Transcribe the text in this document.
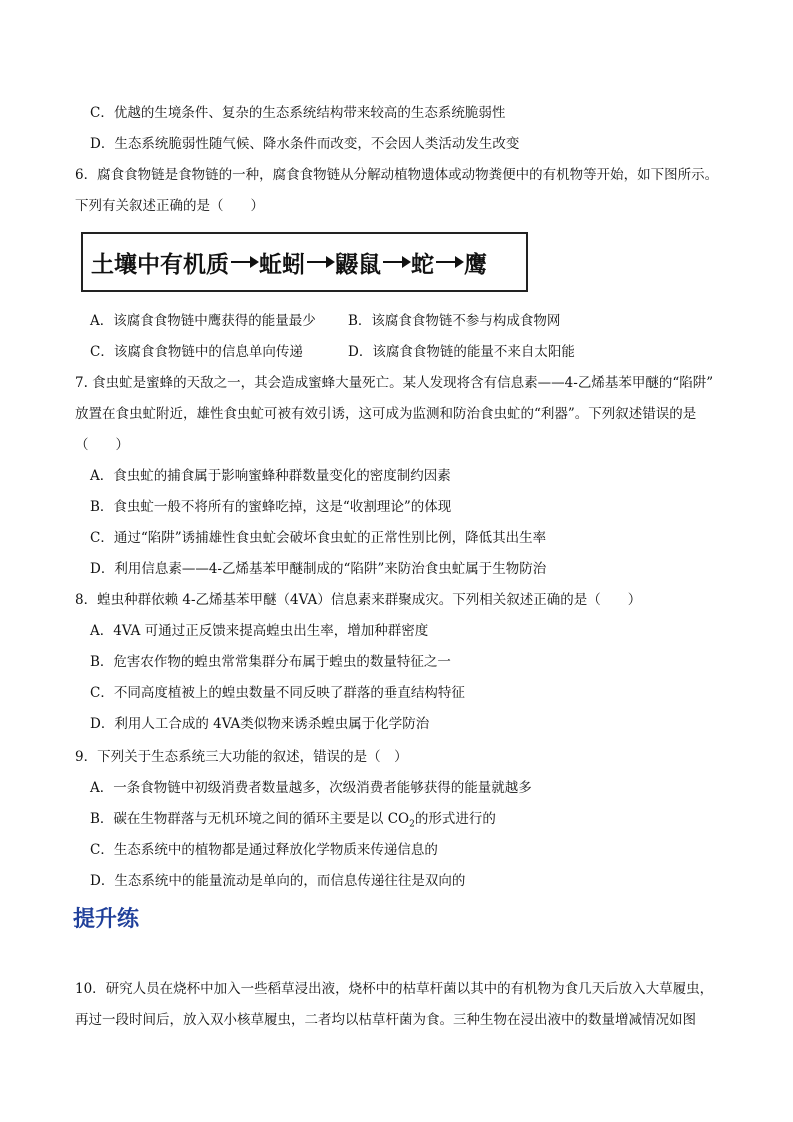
C．优越的生境条件、复杂的生态系统结构带来较高的生态系统脆弱性
D．生态系统脆弱性随气候、降水条件而改变，不会因人类活动发生改变
6．腐食食物链是食物链的一种，腐食食物链从分解动植物遗体或动物粪便中的有机物等开始，如下图所示。
下列有关叙述正确的是（　　）
土壤中有机质 蚯蚓 鼹鼠 蛇 鹰
A．该腐食食物链中鹰获得的能量最少 B．该腐食食物链不参与构成食物网
C．该腐食食物链中的信息单向传递	D．该腐食食物链的能量不来自太阳能
7. 食虫虻是蜜蜂的天敌之一，其会造成蜜蜂大量死亡。某人发现将含有信息素——4-乙烯基苯甲醚的“陷阱”
放置在食虫虻附近，雄性食虫虻可被有效引诱，这可成为监测和防治食虫虻的“利器”。下列叙述错误的是
（　　）
A．食虫虻的捕食属于影响蜜蜂种群数量变化的密度制约因素
B．食虫虻一般不将所有的蜜蜂吃掉，这是“收割理论”的体现
C．通过“陷阱”诱捕雄性食虫虻会破坏食虫虻的正常性别比例，降低其出生率
D．利用信息素——4-乙烯基苯甲醚制成的“陷阱”来防治食虫虻属于生物防治
8．蝗虫种群依赖 4-乙烯基苯甲醚（4VA）信息素来群聚成灾。下列相关叙述正确的是（　　）
A．4VA 可通过正反馈来提高蝗虫出生率，增加种群密度
B．危害农作物的蝗虫常常集群分布属于蝗虫的数量特征之一
C．不同高度植被上的蝗虫数量不同反映了群落的垂直结构特征
D．利用人工合成的 4VA类似物来诱杀蝗虫属于化学防治
9．下列关于生态系统三大功能的叙述，错误的是（　）
A．一条食物链中初级消费者数量越多，次级消费者能够获得的能量就越多
B．碳在生物群落与无机环境之间的循环主要是以 $CO_2$的形式进行的
C．生态系统中的植物都是通过释放化学物质来传递信息的
D．生态系统中的能量流动是单向的，而信息传递往往是双向的
提升练
10．研究人员在烧杯中加入一些稻草浸出液，烧杯中的枯草杆菌以其中的有机物为食几天后放入大草履虫，
再过一段时间后，放入双小核草履虫，二者均以枯草杆菌为食。三种生物在浸出液中的数量增减情况如图
